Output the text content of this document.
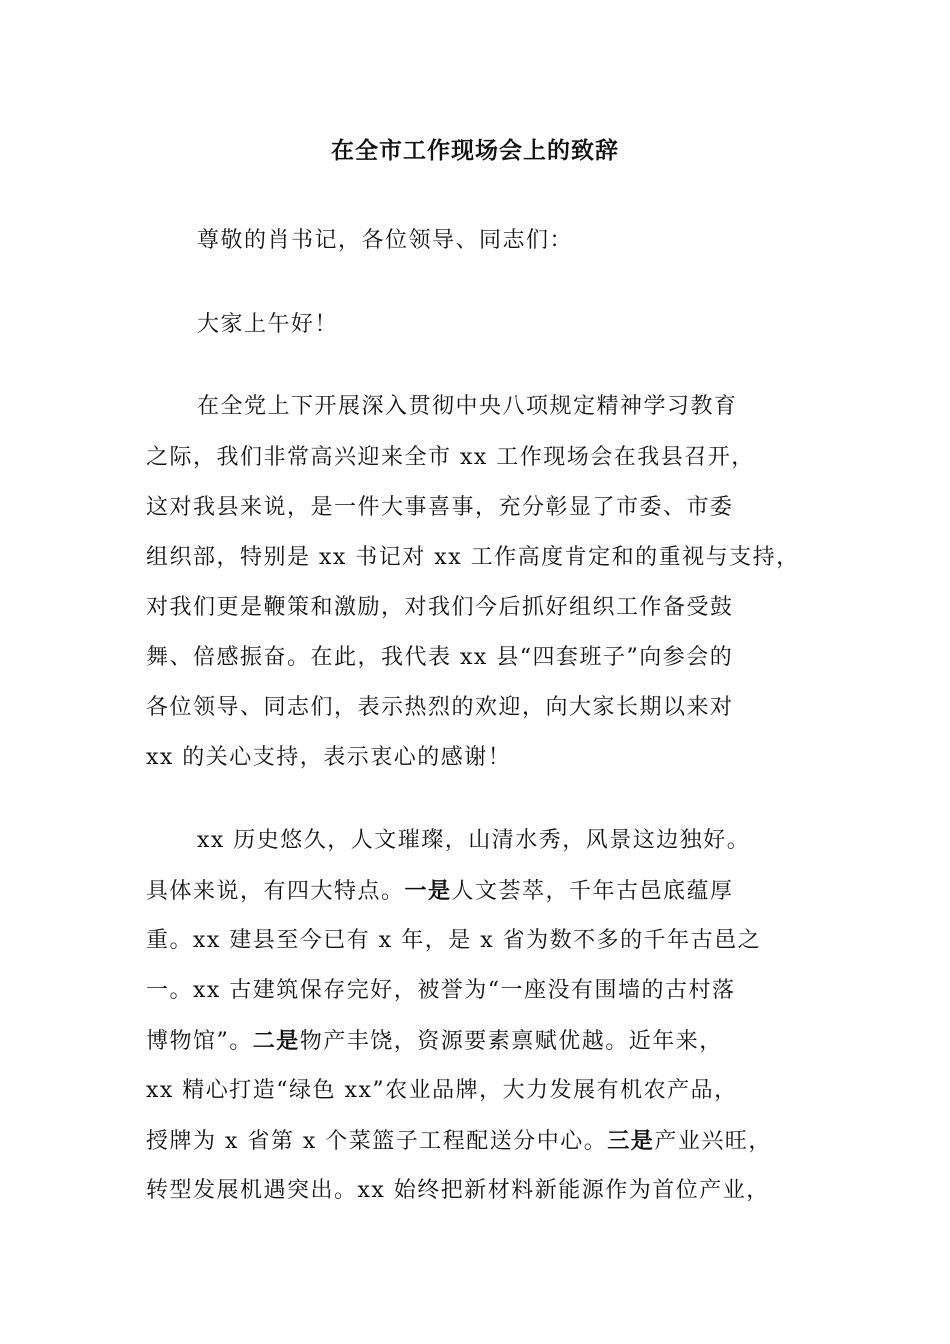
在全市工作现场会上的致辞
尊敬的肖书记，各位领导、同志们：
大家上午好！
在全党上下开展深入贯彻中央八项规定精神学习教育
之际，我们非常高兴迎来全市 xx 工作现场会在我县召开，
这对我县来说，是一件大事喜事，充分彰显了市委、市委
组织部，特别是 xx 书记对 xx 工作高度肯定和的重视与支持，
对我们更是鞭策和激励，对我们今后抓好组织工作备受鼓
舞、倍感振奋。在此，我代表 xx 县“四套班子”向参会的
各位领导、同志们，表示热烈的欢迎，向大家长期以来对
xx 的关心支持，表示衷心的感谢！
xx 历史悠久，人文璀璨，山清水秀，风景这边独好。
具体来说，有四大特点。一是人文荟萃，千年古邑底蕴厚
重。xx 建县至今已有 x 年，是 x 省为数不多的千年古邑之
一。xx 古建筑保存完好，被誉为“一座没有围墙的古村落
博物馆”。二是物产丰饶，资源要素禀赋优越。近年来，
xx 精心打造“绿色 xx”农业品牌，大力发展有机农产品，
授牌为 x 省第 x 个菜篮子工程配送分中心。三是产业兴旺，
转型发展机遇突出。xx 始终把新材料新能源作为首位产业，
